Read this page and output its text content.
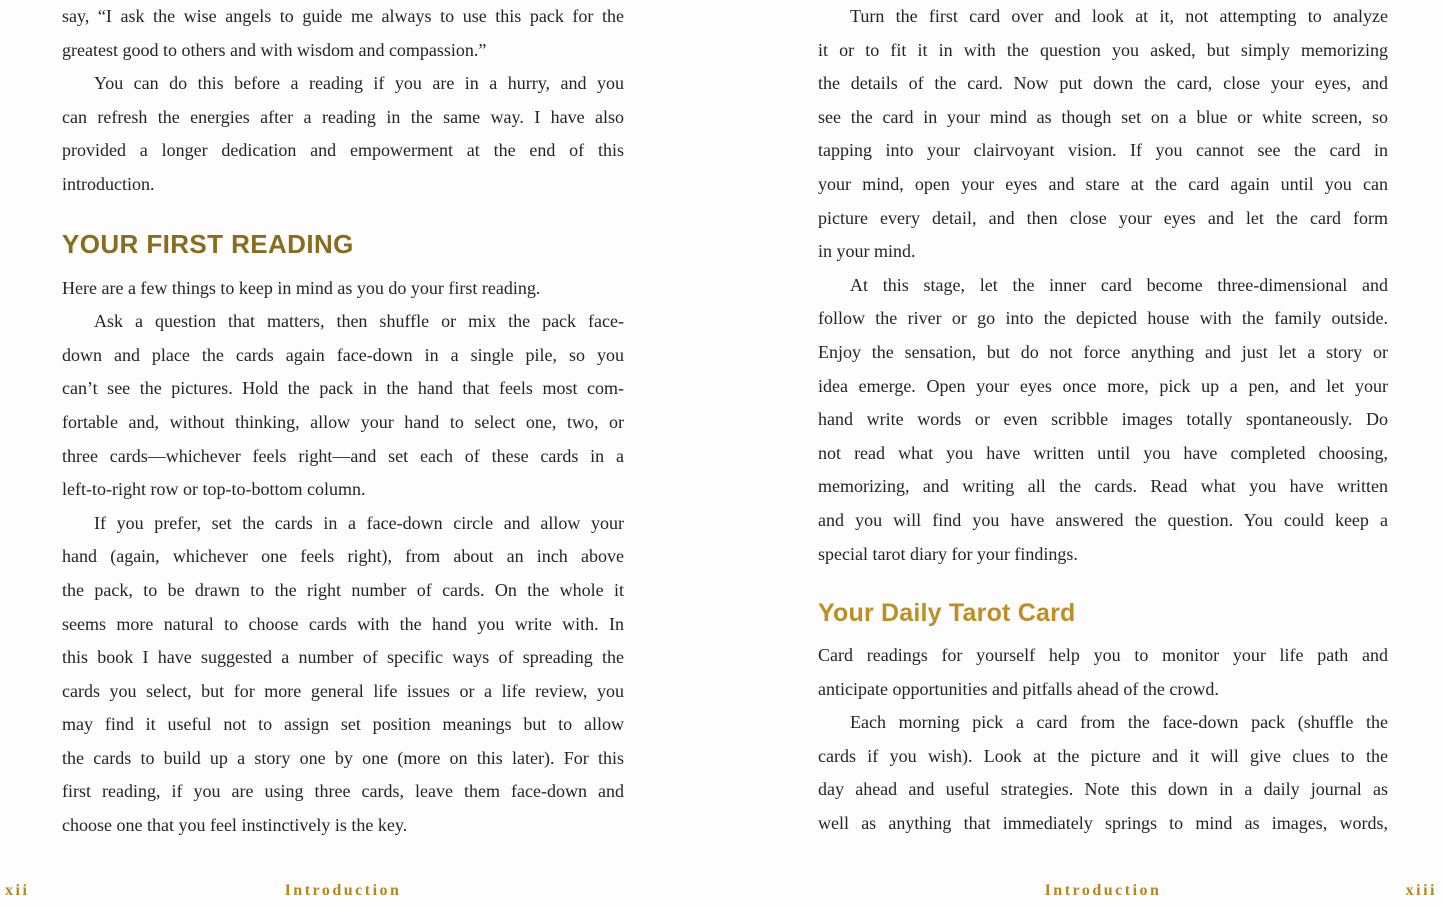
say, “I ask the wise angels to guide me always to use this pack for the
greatest good to others and with wisdom and compassion.”
You can do this before a reading if you are in a hurry, and you
can refresh the energies after a reading in the same way. I have also
provided a longer dedication and empowerment at the end of this
introduction.
YOUR FIRST READING
Here are a few things to keep in mind as you do your first reading.
Ask a question that matters, then shuffle or mix the pack face-
down and place the cards again face-down in a single pile, so you
can’t see the pictures. Hold the pack in the hand that feels most com-
fortable and, without thinking, allow your hand to select one, two, or
three cards—whichever feels right—and set each of these cards in a
left-to-right row or top-to-bottom column.
If you prefer, set the cards in a face-down circle and allow your
hand (again, whichever one feels right), from about an inch above
the pack, to be drawn to the right number of cards. On the whole it
seems more natural to choose cards with the hand you write with. In
this book I have suggested a number of specific ways of spreading the
cards you select, but for more general life issues or a life review, you
may find it useful not to assign set position meanings but to allow
the cards to build up a story one by one (more on this later). For this
first reading, if you are using three cards, leave them face-down and
choose one that you feel instinctively is the key.
Turn the first card over and look at it, not attempting to analyze
it or to fit it in with the question you asked, but simply memorizing
the details of the card. Now put down the card, close your eyes, and
see the card in your mind as though set on a blue or white screen, so
tapping into your clairvoyant vision. If you cannot see the card in
your mind, open your eyes and stare at the card again until you can
picture every detail, and then close your eyes and let the card form
in your mind.
At this stage, let the inner card become three-dimensional and
follow the river or go into the depicted house with the family outside.
Enjoy the sensation, but do not force anything and just let a story or
idea emerge. Open your eyes once more, pick up a pen, and let your
hand write words or even scribble images totally spontaneously. Do
not read what you have written until you have completed choosing,
memorizing, and writing all the cards. Read what you have written
and you will find you have answered the question. You could keep a
special tarot diary for your findings.
Your Daily Tarot Card
Card readings for yourself help you to monitor your life path and
anticipate opportunities and pitfalls ahead of the crowd.
Each morning pick a card from the face-down pack (shuffle the
cards if you wish). Look at the picture and it will give clues to the
day ahead and useful strategies. Note this down in a daily journal as
well as anything that immediately springs to mind as images, words,
xii	Introduction	Introduction	xiii
